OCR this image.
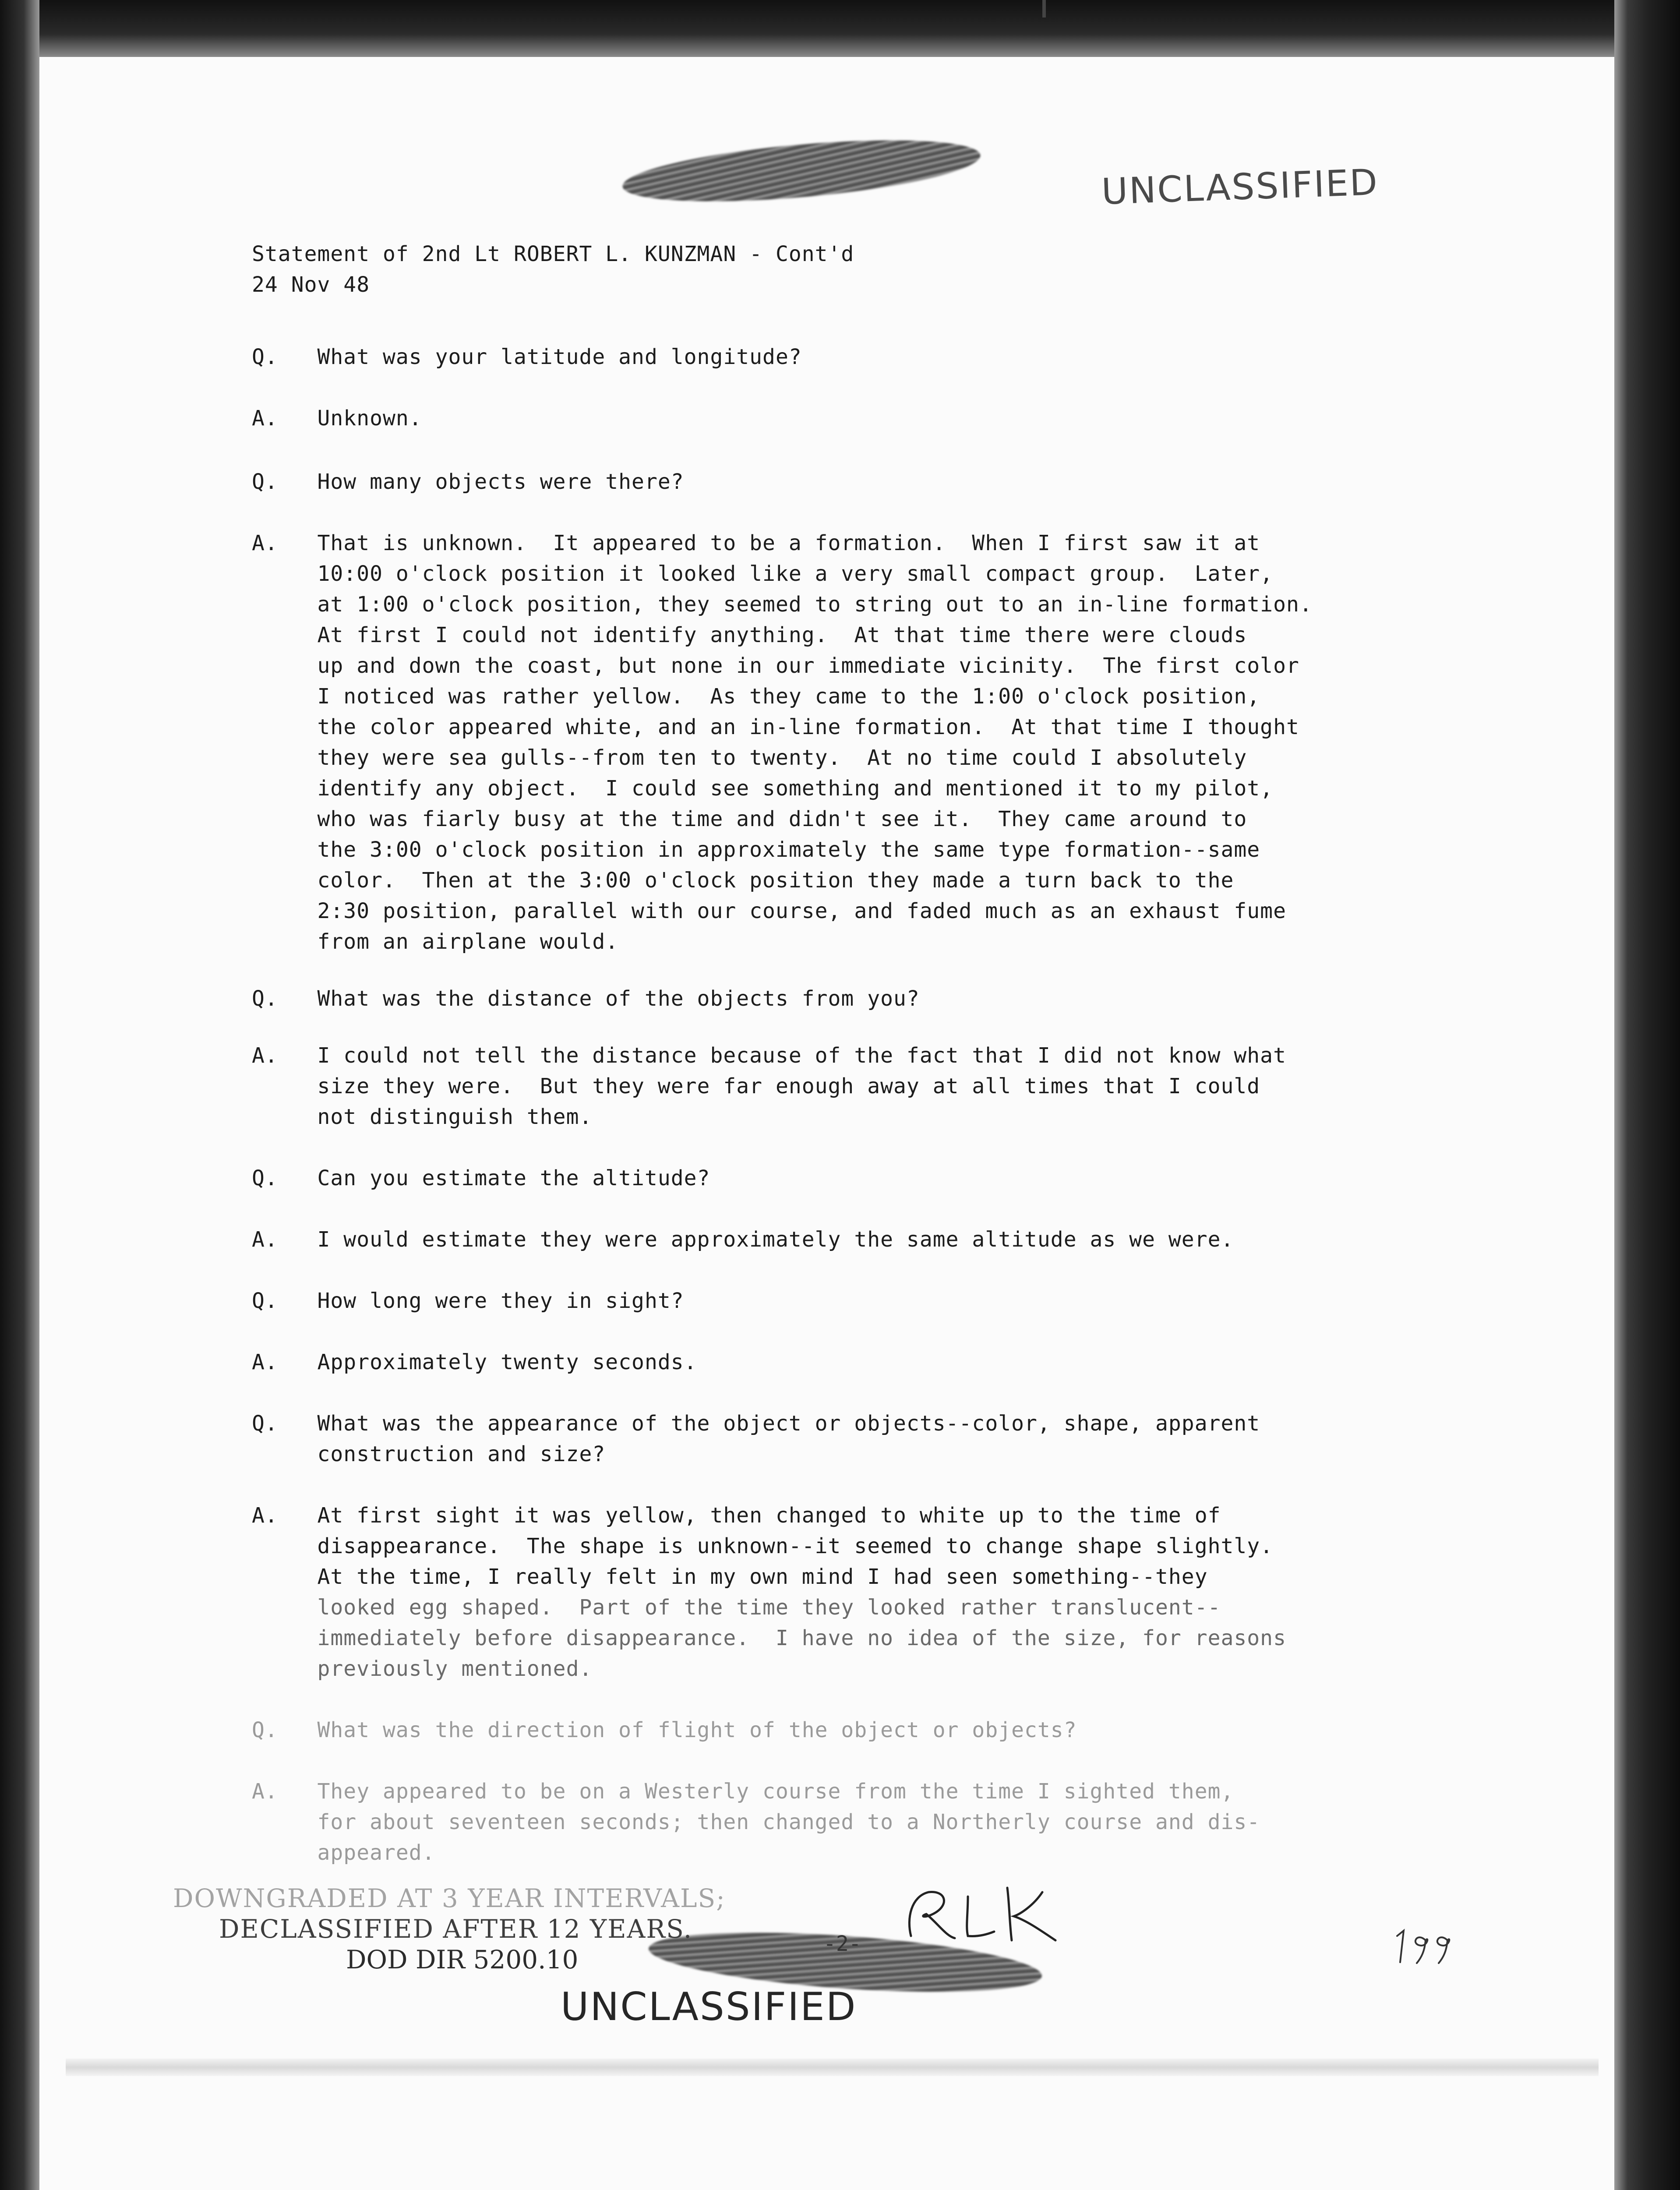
UNCLASSIFIED

Statement of 2nd Lt ROBERT L. KUNZMAN - Cont'd

24 Nov 48

Q.   What was your latitude and longitude?

A.   Unknown.

Q.   How many objects were there?

A.   That is unknown.  It appeared to be a formation.  When I first saw it at

10:00 o'clock position it looked like a very small compact group.  Later,

at 1:00 o'clock position, they seemed to string out to an in-line formation.

At first I could not identify anything.  At that time there were clouds

up and down the coast, but none in our immediate vicinity.  The first color

I noticed was rather yellow.  As they came to the 1:00 o'clock position,

the color appeared white, and an in-line formation.  At that time I thought

they were sea gulls--from ten to twenty.  At no time could I absolutely

identify any object.  I could see something and mentioned it to my pilot,

who was fiarly busy at the time and didn't see it.  They came around to

the 3:00 o'clock position in approximately the same type formation--same

color.  Then at the 3:00 o'clock position they made a turn back to the

2:30 position, parallel with our course, and faded much as an exhaust fume

from an airplane would.

Q.   What was the distance of the objects from you?

A.   I could not tell the distance because of the fact that I did not know what

size they were.  But they were far enough away at all times that I could

not distinguish them.

Q.   Can you estimate the altitude?

A.   I would estimate they were approximately the same altitude as we were.

Q.   How long were they in sight?

A.   Approximately twenty seconds.

Q.   What was the appearance of the object or objects--color, shape, apparent

construction and size?

A.   At first sight it was yellow, then changed to white up to the time of

disappearance.  The shape is unknown--it seemed to change shape slightly.

At the time, I really felt in my own mind I had seen something--they

looked egg shaped.  Part of the time they looked rather translucent--

immediately before disappearance.  I have no idea of the size, for reasons

previously mentioned.

Q.   What was the direction of flight of the object or objects?

A.   They appeared to be on a Westerly course from the time I sighted them,

for about seventeen seconds; then changed to a Northerly course and dis-

appeared.

DOWNGRADED AT 3 YEAR INTERVALS;

DECLASSIFIED AFTER 12 YEARS.

DOD DIR 5200.10

-2-

UNCLASSIFIED
